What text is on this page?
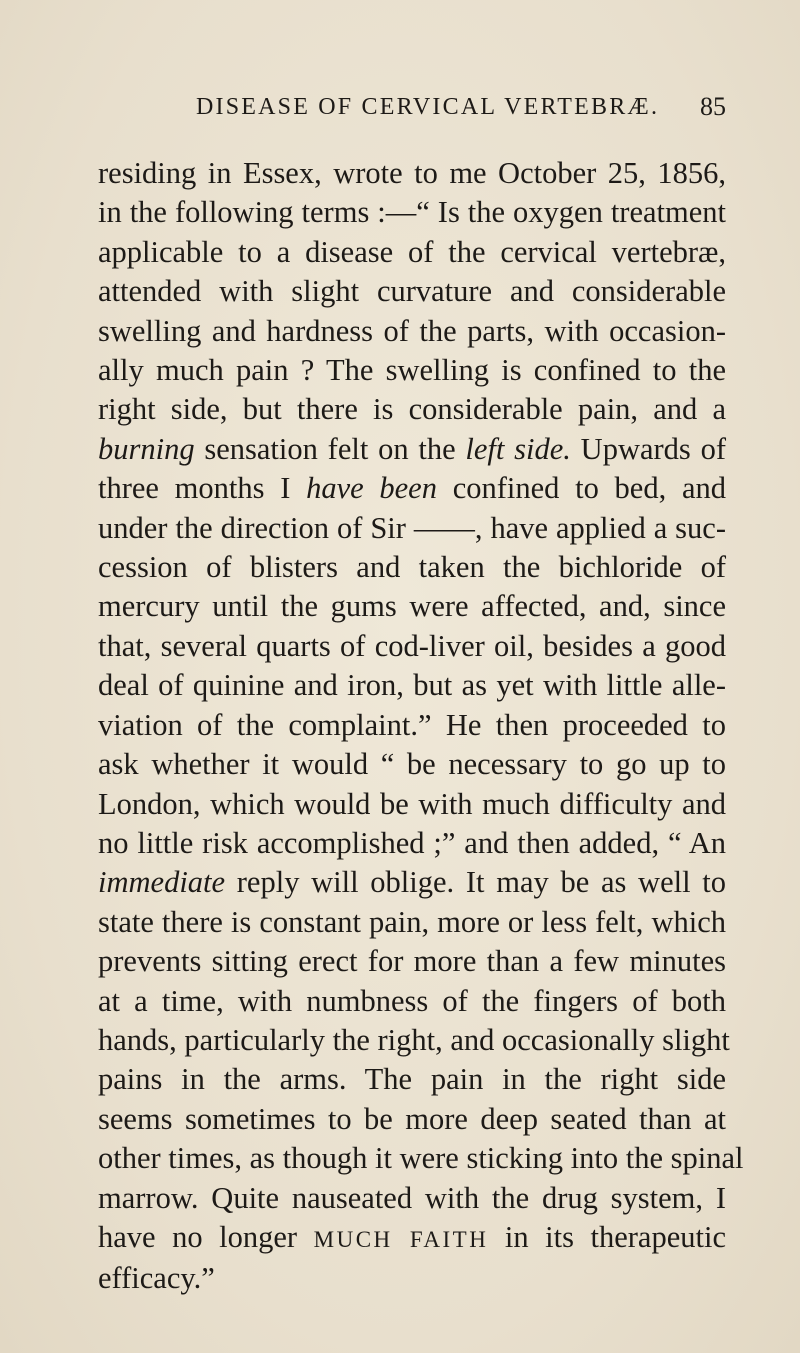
DISEASE OF CERVICAL VERTEBRÆ.	85
residing in Essex, wrote to me October 25, 1856,
in the following terms :—“ Is the oxygen treatment
applicable to a disease of the cervical vertebræ,
attended with slight curvature and considerable
swelling and hardness of the parts, with occasion-
ally much pain ? The swelling is confined to the
right side, but there is considerable pain, and a
burning sensation felt on the left side. Upwards of
three months I have been confined to bed, and
under the direction of Sir ——, have applied a suc-
cession of blisters and taken the bichloride of
mercury until the gums were affected, and, since
that, several quarts of cod-liver oil, besides a good
deal of quinine and iron, but as yet with little alle-
viation of the complaint.” He then proceeded to
ask whether it would “ be necessary to go up to
London, which would be with much difficulty and
no little risk accomplished ;” and then added, “ An
immediate reply will oblige. It may be as well to
state there is constant pain, more or less felt, which
prevents sitting erect for more than a few minutes
at a time, with numbness of the fingers of both
hands, particularly the right, and occasionally slight
pains in the arms. The pain in the right side
seems sometimes to be more deep seated than at
other times, as though it were sticking into the spinal
marrow. Quite nauseated with the drug system, I
have no longer MUCH FAITH in its therapeutic
efficacy.”
